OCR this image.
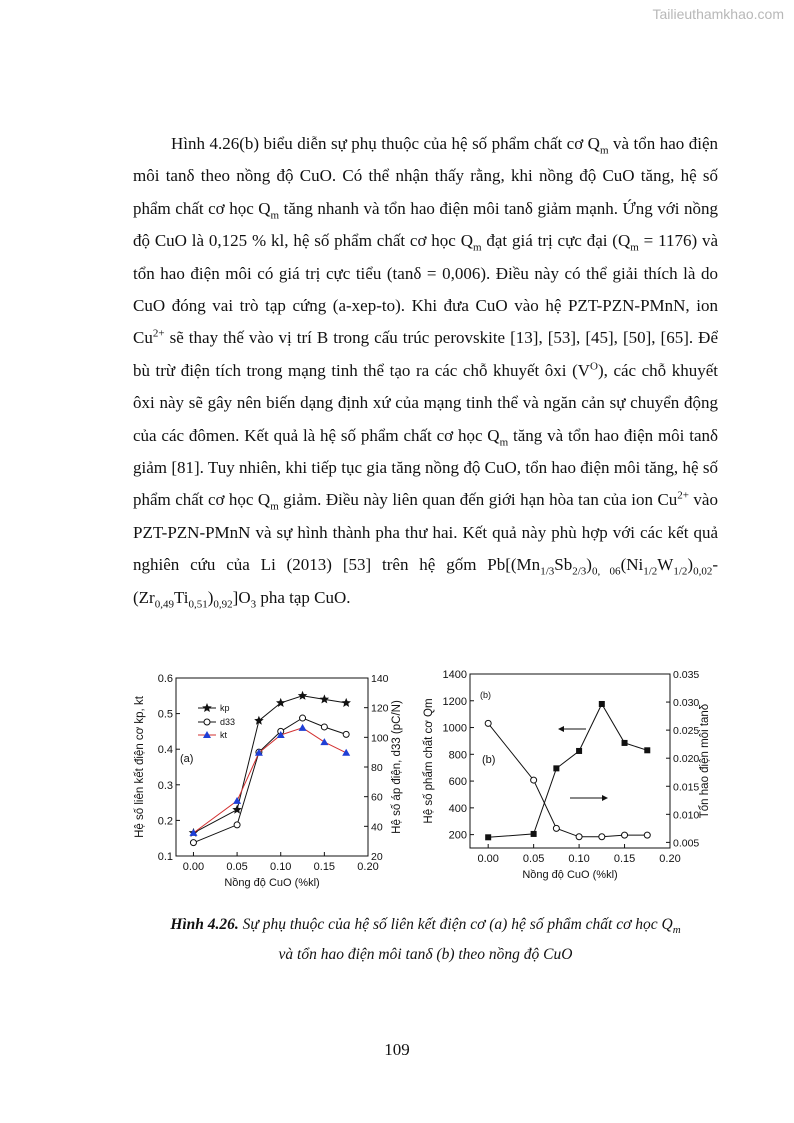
Tailieuthamkhao.com

Hình 4.26(b) biểu diễn sự phụ thuộc của hệ số phẩm chất cơ $Q_m$ và tổn hao điện môi tanδ theo nồng độ CuO. Có thể nhận thấy rằng, khi nồng độ CuO tăng, hệ số phẩm chất cơ học $Q_m$ tăng nhanh và tổn hao điện môi tanδ giảm mạnh. Ứng với nồng độ CuO là 0,125 % kl, hệ số phẩm chất cơ học $Q_m$ đạt giá trị cực đại $(Q_m = 1176)$ và tổn hao điện môi có giá trị cực tiểu (tanδ = 0,006). Điều này có thể giải thích là do CuO đóng vai trò tạp cứng (a-xep-to). Khi đưa CuO vào hệ PZT-PZN-PMnN, ion $Cu^{2+}$ sẽ thay thế vào vị trí B trong cấu trúc perovskite [13], [53], [45], [50], [65]. Để bù trừ điện tích trong mạng tinh thể tạo ra các chỗ khuyết ôxi $(V^O)$, các chỗ khuyết ôxi này sẽ gây nên biến dạng định xứ của mạng tinh thể và ngăn cản sự chuyển động của các đômen. Kết quả là hệ số phẩm chất cơ học $Q_m$ tăng và tổn hao điện môi tanδ giảm [81]. Tuy nhiên, khi tiếp tục gia tăng nồng độ CuO, tổn hao điện môi tăng, hệ số phẩm chất cơ học $Q_m$ giảm. Điều này liên quan đến giới hạn hòa tan của ion $Cu^{2+}$ vào PZT-PZN-PMnN và sự hình thành pha thư hai. Kết quả này phù hợp với các kết quả nghiên cứu của Li (2013) [53] trên hệ gốm $Pb[(Mn_{1/3}Sb_{2/3})_{0, 06}(Ni_{1/2}W_{1/2})_{0,02}-(Zr_{0,49}Ti_{0,51})_{0,92}]O_3$ pha tạp CuO.

0.00 0.05 0.10 0.15 0.20
0.1
0.2
0.3
0.4
0.5
0.6
20
40
60
80
100
120
140
Nồng độ CuO (%kl)
Hệ số liên kết điện cơ kp, kt	Hệ số áp điện, d33 (pC/N)
(a)
kp
d33
kt
0.00 0.05 0.10 0.15 0.20
200
400
600
800
1000
1200
1400
0.005
0.010
0.015
0.020
0.025
0.030
0.035
Nồng độ CuO (%kl)
Hệ số phẩm chất cơ Qm	Tổn hao điện môi tanδ
(b)
(b)
Hình 4.26. Sự phụ thuộc của hệ số liên kết điện cơ (a) hệ số phẩm chất cơ học $Q_m$
và tổn hao điện môi tanδ (b) theo nồng độ CuO
109
